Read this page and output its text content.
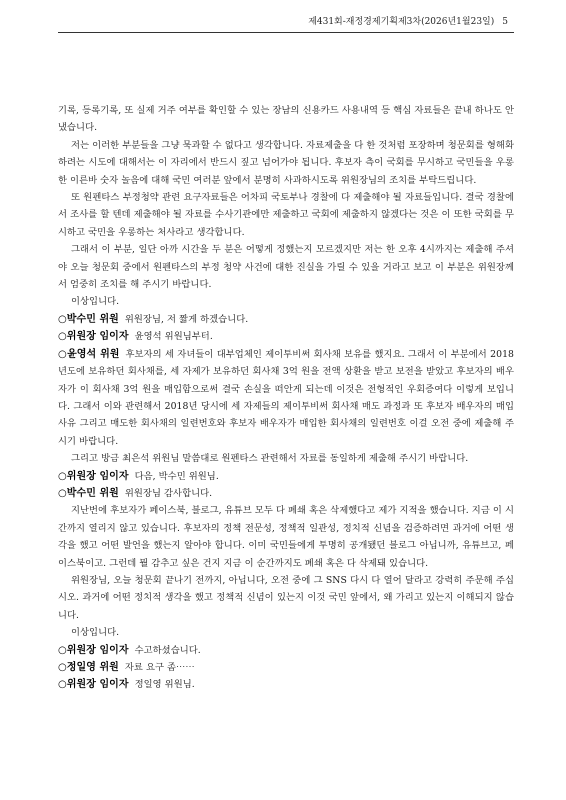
제431회-재정경제기획제3차(2026년1월23일) 5

기록, 등록기록, 또 실제 거주 여부를 확인할 수 있는 장남의 신용카드 사용내역 등 핵심 자료들은 끝내 하나도 안 냈습니다.

저는 이러한 부분들을 그냥 묵과할 수 없다고 생각합니다. 자료제출을 다 한 것처럼 포장하며 청문회를 형해화하려는 시도에 대해서는 이 자리에서 반드시 짚고 넘어가야 됩니다. 후보자 측이 국회를 무시하고 국민들을 우롱한 이른바 숫자 놀음에 대해 국민 여러분 앞에서 분명히 사과하시도록 위원장님의 조치를 부탁드립니다.

또 원펜타스 부정청약 관련 요구자료들은 어차피 국토부나 경찰에 다 제출해야 될 자료들입니다. 결국 경찰에서 조사를 할 텐데 제출해야 될 자료를 수사기관에만 제출하고 국회에 제출하지 않겠다는 것은 이 또한 국회를 무시하고 국민을 우롱하는 처사라고 생각합니다.

그래서 이 부분, 일단 아까 시간을 두 분은 어떻게 정했는지 모르겠지만 저는 한 오후 4시까지는 제출해 주셔야 오늘 청문회 중에서 원펜타스의 부정 청약 사건에 대한 진실을 가릴 수 있을 거라고 보고 이 부분은 위원장께서 엄중히 조치를 해 주시기 바랍니다.

이상입니다.

○박수민 위원 위원장님, 저 짧게 하겠습니다.

○위원장 임이자 윤영석 위원님부터.

○윤영석 위원 후보자의 세 자녀들이 대부업체인 제이투비써 회사채 보유를 했지요. 그래서 이 부분에서 2018년도에 보유하던 회사채를, 세 자제가 보유하던 회사채 3억 원을 전액 상환을 받고 보전을 받았고 후보자의 배우자가 이 회사채 3억 원을 매입함으로써 결국 손실을 떠안게 되는데 이것은 전형적인 우회증여다 이렇게 보입니다. 그래서 이와 관련해서 2018년 당시에 세 자제들의 제이투비써 회사채 매도 과정과 또 후보자 배우자의 매입 사유 그리고 매도한 회사채의 일련번호와 후보자 배우자가 매입한 회사채의 일련번호 이걸 오전 중에 제출해 주시기 바랍니다.

그리고 방금 최은석 위원님 말씀대로 원펜타스 관련해서 자료를 동일하게 제출해 주시기 바랍니다.

○위원장 임이자 다음, 박수민 위원님.

○박수민 위원 위원장님 감사합니다.

지난번에 후보자가 페이스북, 블로그, 유튜브 모두 다 폐쇄 혹은 삭제했다고 제가 지적을 했습니다. 지금 이 시간까지 열리지 않고 있습니다. 후보자의 정책 전문성, 정책적 일관성, 정치적 신념을 검증하려면 과거에 어떤 생각을 했고 어떤 발언을 했는지 알아야 합니다. 이미 국민들에게 투명히 공개됐던 블로그 아닙니까, 유튜브고, 페이스북이고. 그런데 뭘 감추고 싶은 건지 지금 이 순간까지도 폐쇄 혹은 다 삭제돼 있습니다.

위원장님, 오늘 청문회 끝나기 전까지, 아닙니다, 오전 중에 그 SNS 다시 다 열어 달라고 강력히 주문해 주십시오. 과거에 어떤 정치적 생각을 했고 정책적 신념이 있는지 이것 국민 앞에서, 왜 가리고 있는지 이해되지 않습니다.

이상입니다.

○위원장 임이자 수고하셨습니다.

○정일영 위원 자료 요구 좀⋯⋯

○위원장 임이자 정일영 위원님.
